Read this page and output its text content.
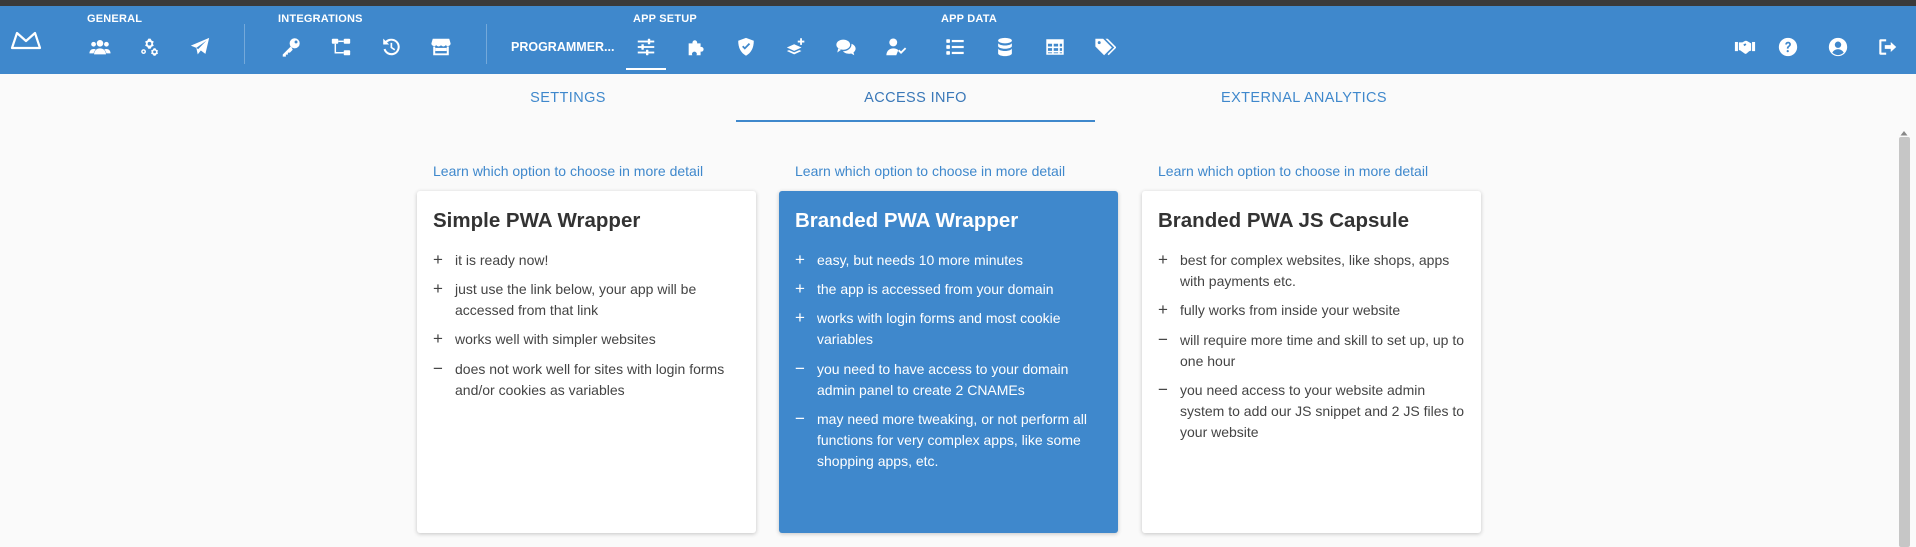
GENERAL	INTEGRATIONS	APP SETUP	APP DATA
PROGRAMMER...
SETTINGS	ACCESS INFO	EXTERNAL ANALYTICS
Learn which option to choose in more detail	Learn which option to choose in more detail	Learn which option to choose in more detail
Simple PWA Wrapper
+ it is ready now!
+ just use the link below, your app will be accessed from that link
+ works well with simpler websites
− does not work well for sites with login forms and/or cookies as variables
Branded PWA Wrapper
+ easy, but needs 10 more minutes
+ the app is accessed from your domain
+ works with login forms and most cookie variables
− you need to have access to your domain admin panel to create 2 CNAMEs
− may need more tweaking, or not perform all functions for very complex apps, like some shopping apps, etc.
Branded PWA JS Capsule
+ best for complex websites, like shops, apps with payments etc.
+ fully works from inside your website
− will require more time and skill to set up, up to one hour
− you need access to your website admin system to add our JS snippet and 2 JS files to your website
